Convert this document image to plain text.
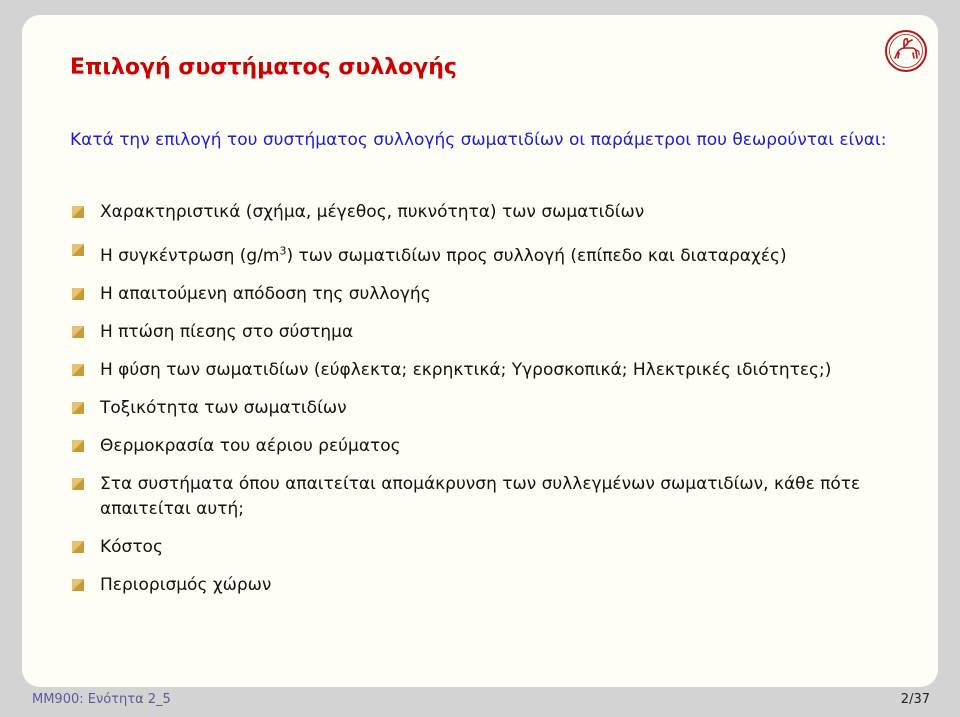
Επιλογή συστήματος συλλογής
Κατά την επιλογή του συστήματος συλλογής σωματιδίων οι παράμετροι που θεωρούνται είναι:
Χαρακτηριστικά (σχήμα, μέγεθος, πυκνότητα) των σωματιδίων
Η συγκέντρωση $(g/m^3)$ των σωματιδίων προς συλλογή (επίπεδο και διαταραχές)
Η απαιτούμενη απόδοση της συλλογής
Η πτώση πίεσης στο σύστημα
Η φύση των σωματιδίων (εύφλεκτα; εκρηκτικά; Υγροσκοπικά; Ηλεκτρικές ιδιότητες;)
Τοξικότητα των σωματιδίων
Θερμοκρασία του αέριου ρεύματος
Στα συστήματα όπου απαιτείται απομάκρυνση των συλλεγμένων σωματιδίων, κάθε πότε απαιτείται αυτή;
Κόστος
Περιορισμός χώρων
ΜΜ900: Ενότητα 2_5	2/37
